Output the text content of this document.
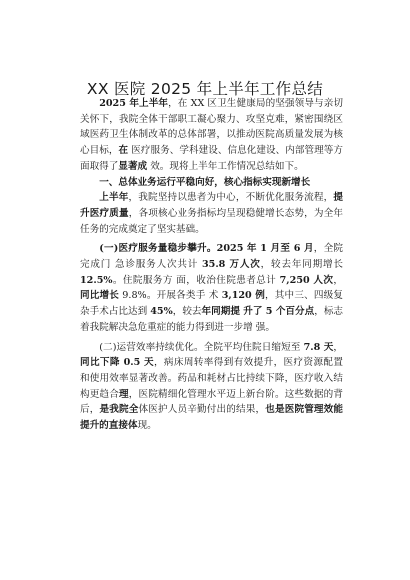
XX 医院 2025 年上半年工作总结

2025 年上半年，在 XX 区卫生健康局的坚强领导与亲切关怀下，我院全体干部职工凝心聚力、攻坚克难，紧密围绕区域医药卫生体制改革的总体部署，以推动医院高质量发展为核心目标，在 医疗服务、学科建设、信息化建设、内部管理等方面取得了显著成 效。现将上半年工作情况总结如下。

一、总体业务运行平稳向好，核心指标实现新增长

上半年，我院坚持以患者为中心，不断优化服务流程，提升医疗质量，各项核心业务指标均呈现稳健增长态势，为全年任务的完成奠定了坚实基础。

(一)医疗服务量稳步攀升。2025 年 1 月至 6 月，全院完成门 急诊服务人次共计 35.8 万人次，较去年同期增长 12.5%。住院服务方 面，收治住院患者总计 7,250 人次，同比增长 9.8%。开展各类手 术 3,120 例，其中三、四级复杂手术占比达到 45%，较去年同期提 升了 5 个百分点，标志着我院解决急危重症的能力得到进一步增 强。

(二)运营效率持续优化。全院平均住院日缩短至 7.8 天，同比下降 0.5 天，病床周转率得到有效提升，医疗资源配置和使用效率显著改善。药品和耗材占比持续下降，医疗收入结构更趋合理，医院精细化管理水平迈上新台阶。这些数据的背后，是我院全体医护人员辛勤付出的结果，也是医院管理效能提升的直接体现。
